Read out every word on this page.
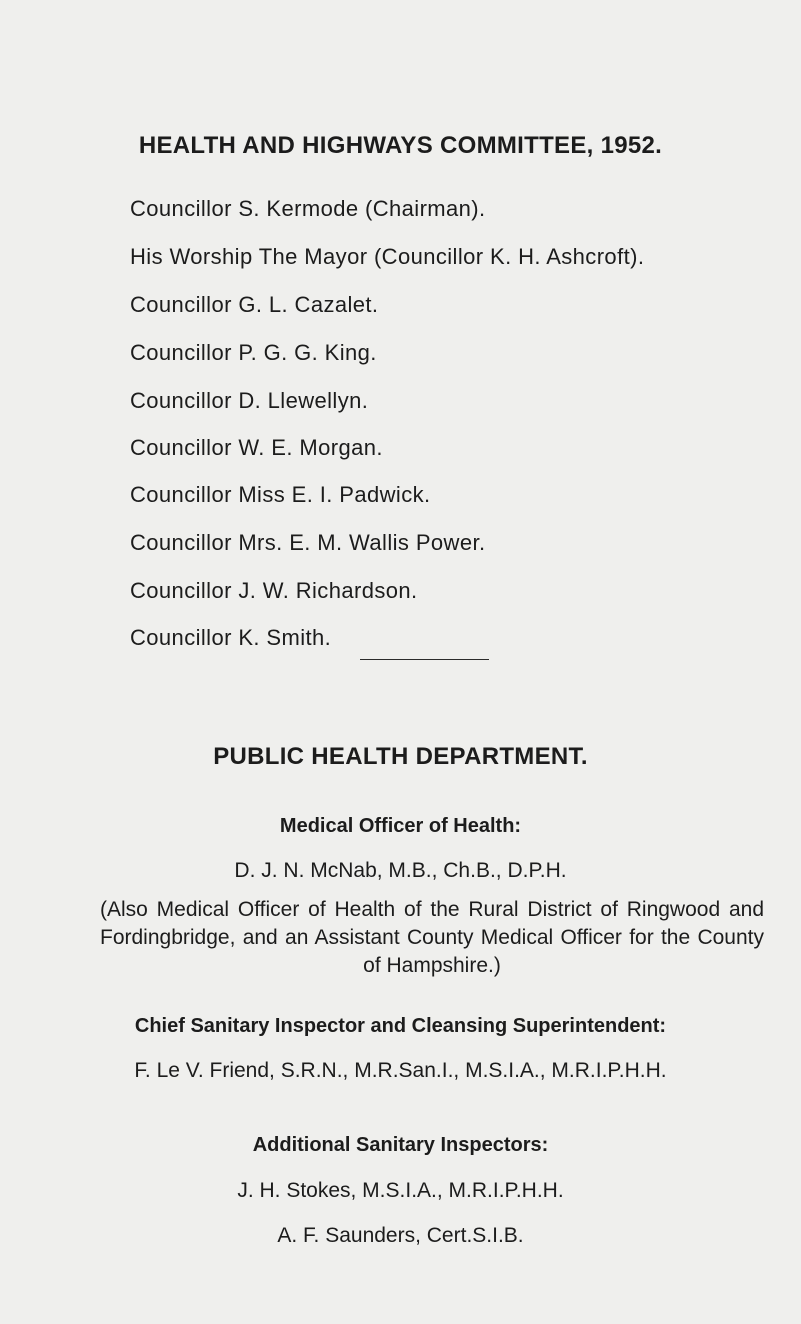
HEALTH AND HIGHWAYS COMMITTEE, 1952.
Councillor S. Kermode (Chairman).
His Worship The Mayor (Councillor K. H. Ashcroft).
Councillor G. L. Cazalet.
Councillor P. G. G. King.
Councillor D. Llewellyn.
Councillor W. E. Morgan.
Councillor Miss E. I. Padwick.
Councillor Mrs. E. M. Wallis Power.
Councillor J. W. Richardson.
Councillor K. Smith.
PUBLIC HEALTH DEPARTMENT.
Medical Officer of Health:
D. J. N. McNab, M.B., Ch.B., D.P.H.
(Also Medical Officer of Health of the Rural District of Ringwood and Fordingbridge, and an Assistant County Medical Officer for the County of Hampshire.)
Chief Sanitary Inspector and Cleansing Superintendent:
F. Le V. Friend, S.R.N., M.R.San.I., M.S.I.A., M.R.I.P.H.H.
Additional Sanitary Inspectors:
J. H. Stokes, M.S.I.A., M.R.I.P.H.H.
A. F. Saunders, Cert.S.I.B.
